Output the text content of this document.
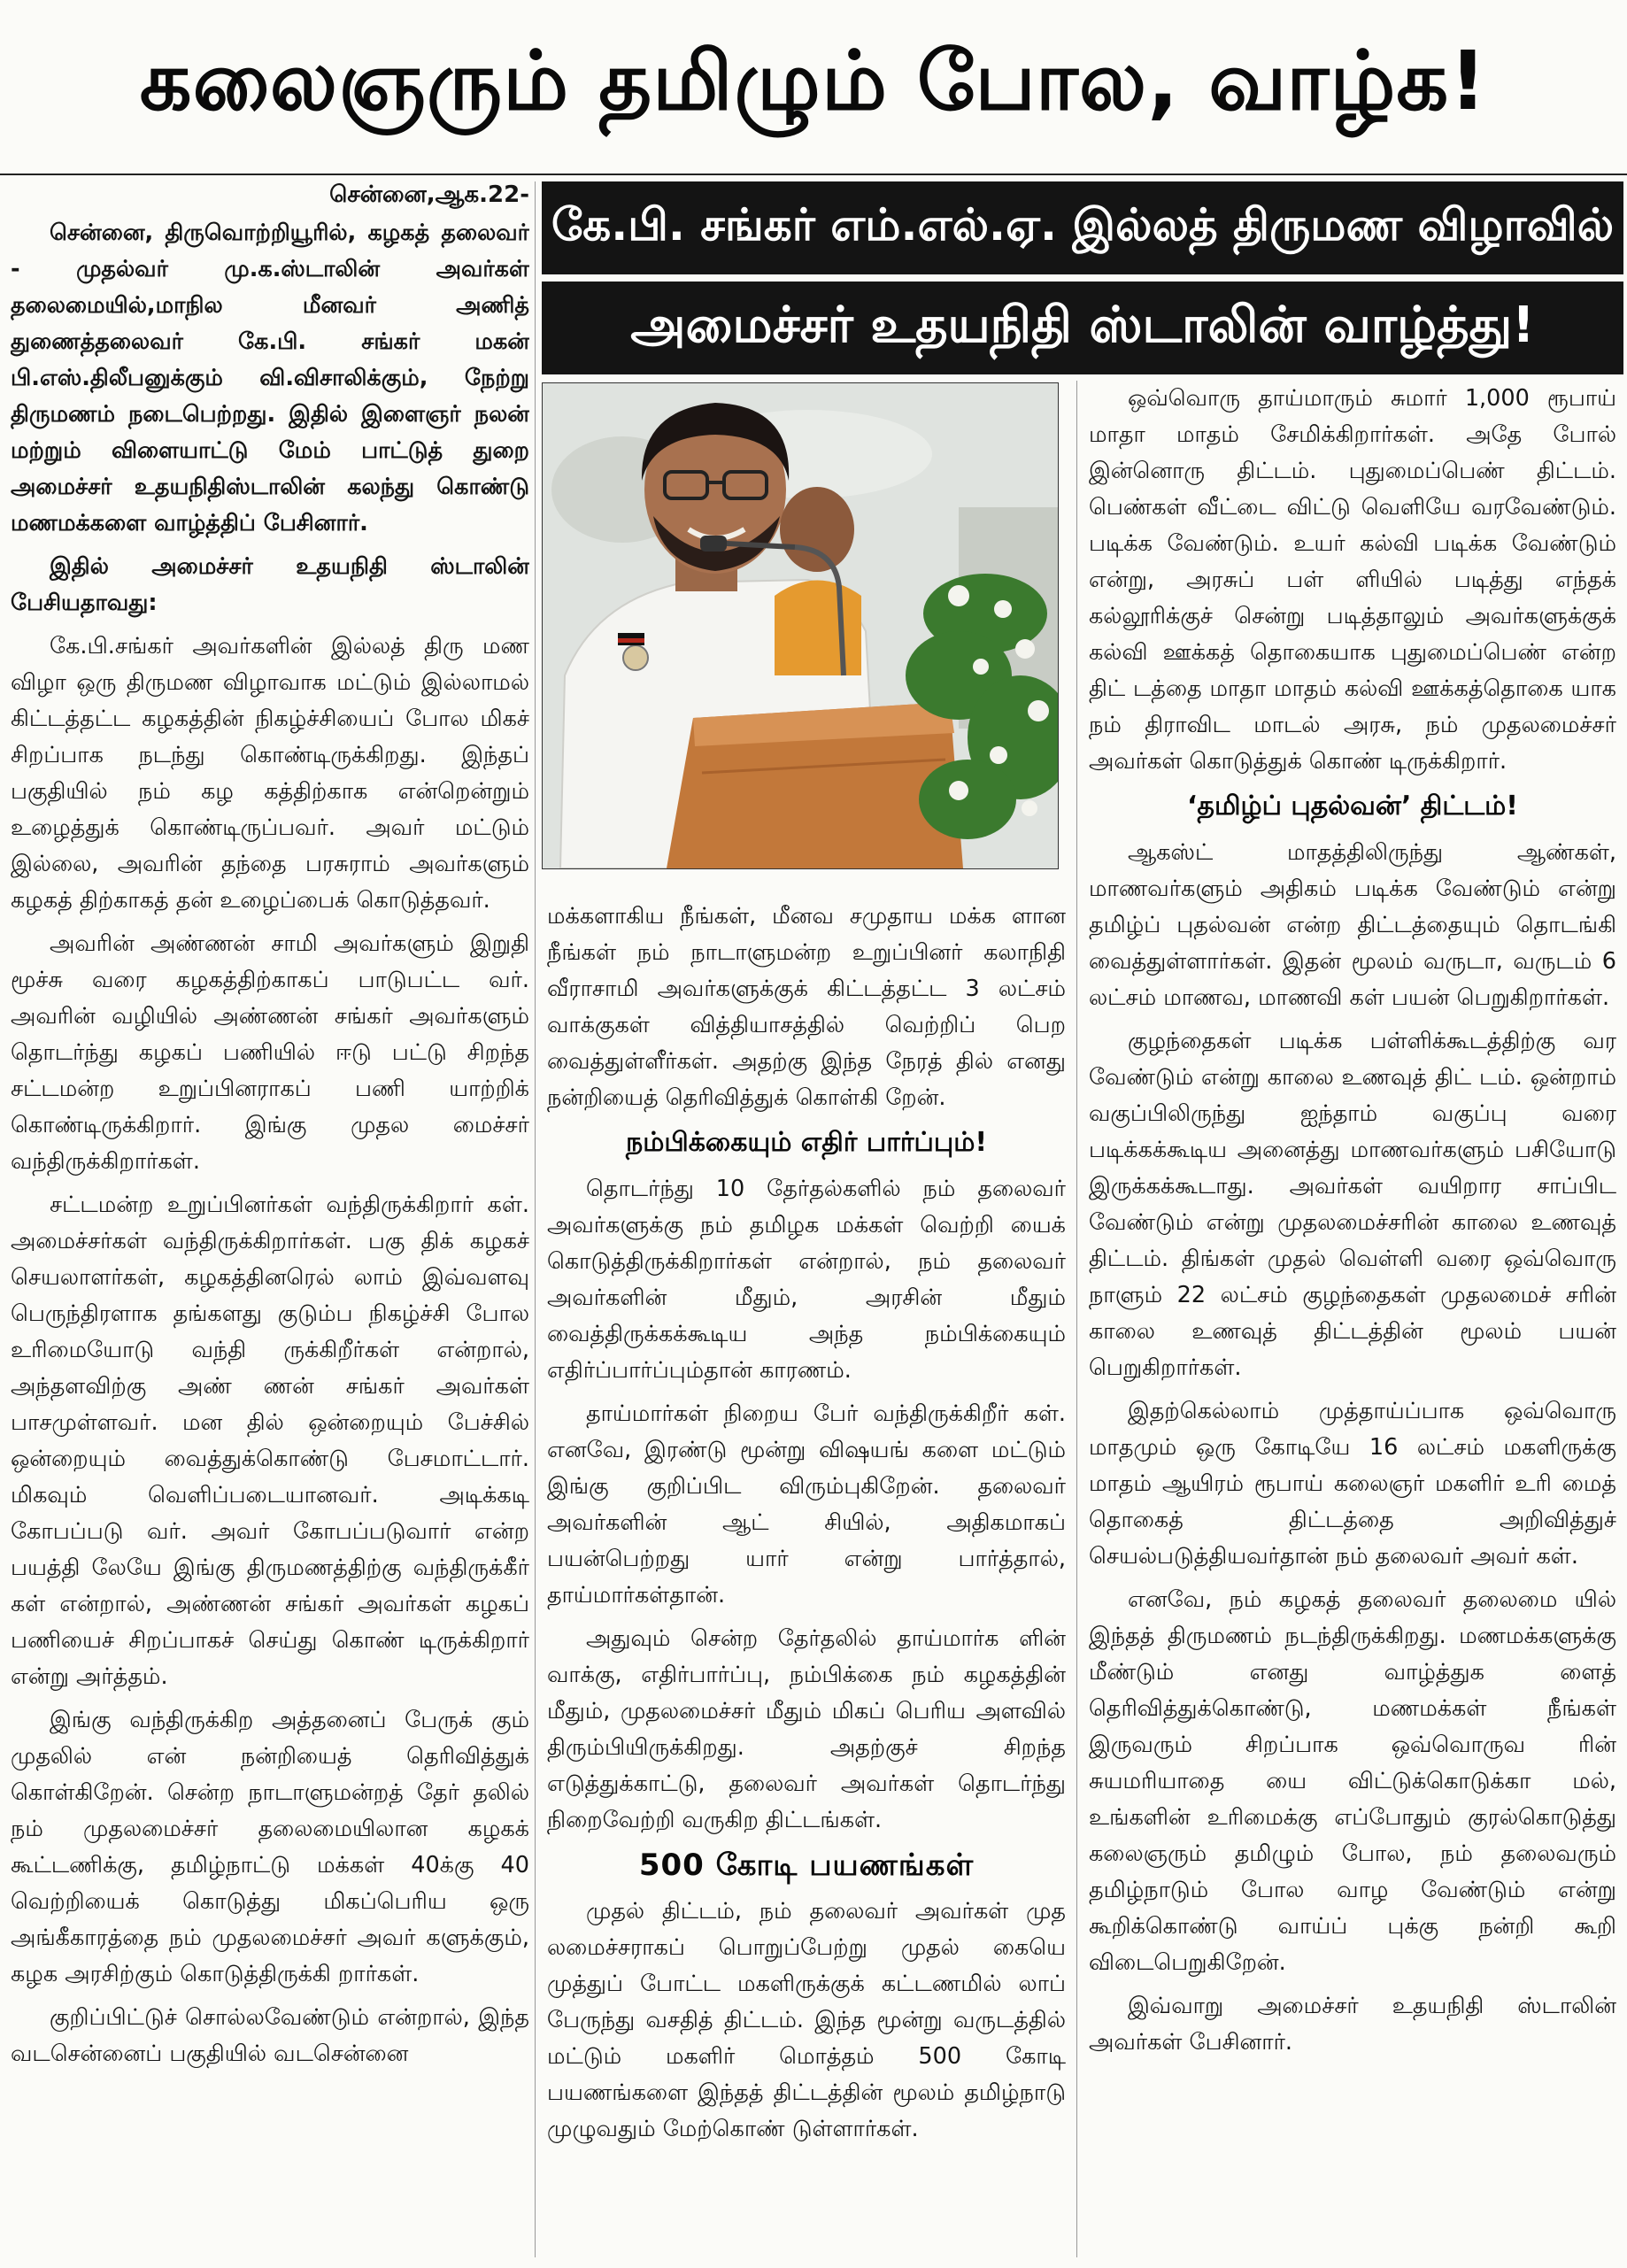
கலைஞரும் தமிழும் போல, வாழ்க!
கே.பி. சங்கர் எம்.எல்.ஏ. இல்லத் திருமண விழாவில்
அமைச்சர் உதயநிதி ஸ்டாலின் வாழ்த்து!
சென்னை,ஆக.22-

சென்னை, திருவொற்றியூரில், கழகத் தலைவர் - முதல்வர் மு.க.ஸ்டாலின் அவர்கள் தலைமையில்,மாநில மீனவர் அணித் துணைத்தலைவர் கே.பி. சங்கர் மகன் பி.எஸ்.திலீபனுக்கும் வி.விசாலிக்கும், நேற்று திருமணம் நடைபெற்றது. இதில் இளைஞர் நலன் மற்றும் விளையாட்டு மேம் பாட்டுத் துறை அமைச்சர் உதயநிதிஸ்டாலின் கலந்து கொண்டு மணமக்களை வாழ்த்திப் பேசினார்.

இதில் அமைச்சர் உதயநிதி ஸ்டாலின் பேசியதாவது:

கே.பி.சங்கர் அவர்களின் இல்லத் திரு மண விழா ஒரு திருமண விழாவாக மட்டும் இல்லாமல் கிட்டத்தட்ட கழகத்தின் நிகழ்ச்சியைப் போல மிகச் சிறப்பாக நடந்து கொண்டிருக்கிறது. இந்தப் பகுதியில் நம் கழ கத்திற்காக என்றென்றும் உழைத்துக் கொண்டிருப்பவர். அவர் மட்டும் இல்லை, அவரின் தந்தை பரசுராம் அவர்களும் கழகத் திற்காகத் தன் உழைப்பைக் கொடுத்தவர்.

அவரின் அண்ணன் சாமி அவர்களும் இறுதி மூச்சு வரை கழகத்திற்காகப் பாடுபட்ட வர். அவரின் வழியில் அண்ணன் சங்கர் அவர்களும் தொடர்ந்து கழகப் பணியில் ஈடு பட்டு சிறந்த சட்டமன்ற உறுப்பினராகப் பணி யாற்றிக் கொண்டிருக்கிறார். இங்கு முதல மைச்சர் வந்திருக்கிறார்கள்.

சட்டமன்ற உறுப்பினர்கள் வந்திருக்கிறார் கள். அமைச்சர்கள் வந்திருக்கிறார்கள். பகு திக் கழகச் செயலாளர்கள், கழகத்தினரெல் லாம் இவ்வளவு பெருந்திரளாக தங்களது குடும்ப நிகழ்ச்சி போல உரிமையோடு வந்தி ருக்கிறீர்கள் என்றால், அந்தளவிற்கு அண் ணன் சங்கர் அவர்கள் பாசமுள்ளவர். மன தில் ஒன்றையும் பேச்சில் ஒன்றையும் வைத்துக்கொண்டு பேசமாட்டார். மிகவும் வெளிப்படையானவர். அடிக்கடி கோபப்படு வர். அவர் கோபப்படுவார் என்ற பயத்தி லேயே இங்கு திருமணத்திற்கு வந்திருக்கீர் கள் என்றால், அண்ணன் சங்கர் அவர்கள் கழகப் பணியைச் சிறப்பாகச் செய்து கொண் டிருக்கிறார் என்று அர்த்தம்.

இங்கு வந்திருக்கிற அத்தனைப் பேருக் கும் முதலில் என் நன்றியைத் தெரிவித்துக் கொள்கிறேன். சென்ற நாடாளுமன்றத் தேர் தலில் நம் முதலமைச்சர் தலைமையிலான கழகக் கூட்டணிக்கு, தமிழ்நாட்டு மக்கள் 40க்கு 40 வெற்றியைக் கொடுத்து மிகப்பெரிய ஒரு அங்கீகாரத்தை நம் முதலமைச்சர் அவர் களுக்கும், கழக அரசிற்கும் கொடுத்திருக்கி றார்கள்.

குறிப்பிட்டுச் சொல்லவேண்டும் என்றால், இந்த வடசென்னைப் பகுதியில் வடசென்னை

மக்களாகிய நீங்கள், மீனவ சமுதாய மக்க ளான நீங்கள் நம் நாடாளுமன்ற உறுப்பினர் கலாநிதி வீராசாமி அவர்களுக்குக் கிட்டத்தட்ட 3 லட்சம் வாக்குகள் வித்தியாசத்தில் வெற்றிப் பெற வைத்துள்ளீர்கள். அதற்கு இந்த நேரத் தில் எனது நன்றியைத் தெரிவித்துக் கொள்கி றேன்.

நம்பிக்கையும் எதிர் பார்ப்பும்!

தொடர்ந்து 10 தேர்தல்களில் நம் தலைவர் அவர்களுக்கு நம் தமிழக மக்கள் வெற்றி யைக் கொடுத்திருக்கிறார்கள் என்றால், நம் தலைவர் அவர்களின் மீதும், அரசின் மீதும் வைத்திருக்கக்கூடிய அந்த நம்பிக்கையும் எதிர்ப்பார்ப்பும்தான் காரணம்.

தாய்மார்கள் நிறைய பேர் வந்திருக்கிறீர் கள். எனவே, இரண்டு மூன்று விஷயங் களை மட்டும் இங்கு குறிப்பிட விரும்புகிறேன். தலைவர் அவர்களின் ஆட் சியில், அதிகமாகப் பயன்பெற்றது யார் என்று பார்த்தால், தாய்மார்கள்தான்.

அதுவும் சென்ற தேர்தலில் தாய்மார்க ளின் வாக்கு, எதிர்பார்ப்பு, நம்பிக்கை நம் கழகத்தின் மீதும், முதலமைச்சர் மீதும் மிகப் பெரிய அளவில் திரும்பியிருக்கிறது. அதற்குச் சிறந்த எடுத்துக்காட்டு, தலைவர் அவர்கள் தொடர்ந்து நிறைவேற்றி வருகிற திட்டங்கள்.

500 கோடி பயணங்கள்

முதல் திட்டம், நம் தலைவர் அவர்கள் முத லமைச்சராகப் பொறுப்பேற்று முதல் கையெ முத்துப் போட்ட மகளிருக்குக் கட்டணமில் லாப் பேருந்து வசதித் திட்டம். இந்த மூன்று வருடத்தில் மட்டும் மகளிர் மொத்தம் 500 கோடி பயணங்களை இந்தத் திட்டத்தின் மூலம் தமிழ்நாடு முழுவதும் மேற்கொண் டுள்ளார்கள்.

ஒவ்வொரு தாய்மாரும் சுமார் 1,000 ரூபாய் மாதா மாதம் சேமிக்கிறார்கள். அதே போல் இன்னொரு திட்டம். புதுமைப்பெண் திட்டம். பெண்கள் வீட்டை விட்டு வெளியே வரவேண்டும். படிக்க வேண்டும். உயர் கல்வி படிக்க வேண்டும் என்று, அரசுப் பள் ளியில் படித்து எந்தக் கல்லூரிக்குச் சென்று படித்தாலும் அவர்களுக்குக் கல்வி ஊக்கத் தொகையாக புதுமைப்பெண் என்ற திட் டத்தை மாதா மாதம் கல்வி ஊக்கத்தொகை யாக நம் திராவிட மாடல் அரசு, நம் முதலமைச்சர் அவர்கள் கொடுத்துக் கொண் டிருக்கிறார்.

‘தமிழ்ப் புதல்வன்’ திட்டம்!

ஆகஸ்ட் மாதத்திலிருந்து ஆண்கள், மாணவர்களும் அதிகம் படிக்க வேண்டும் என்று தமிழ்ப் புதல்வன் என்ற திட்டத்தையும் தொடங்கி வைத்துள்ளார்கள். இதன் மூலம் வருடா, வருடம் 6 லட்சம் மாணவ, மாணவி கள் பயன் பெறுகிறார்கள்.

குழந்தைகள் படிக்க பள்ளிக்கூடத்திற்கு வர வேண்டும் என்று காலை உணவுத் திட் டம். ஒன்றாம் வகுப்பிலிருந்து ஐந்தாம் வகுப்பு வரை படிக்கக்கூடிய அனைத்து மாணவர்களும் பசியோடு இருக்கக்கூடாது. அவர்கள் வயிறார சாப்பிட வேண்டும் என்று முதலமைச்சரின் காலை உணவுத் திட்டம். திங்கள் முதல் வெள்ளி வரை ஒவ்வொரு நாளும் 22 லட்சம் குழந்தைகள் முதலமைச் சரின் காலை உணவுத் திட்டத்தின் மூலம் பயன் பெறுகிறார்கள்.

இதற்கெல்லாம் முத்தாய்ப்பாக ஒவ்வொரு மாதமும் ஒரு கோடியே 16 லட்சம் மகளிருக்கு மாதம் ஆயிரம் ரூபாய் கலைஞர் மகளிர் உரி மைத் தொகைத் திட்டத்தை அறிவித்துச் செயல்படுத்தியவர்தான் நம் தலைவர் அவர் கள்.

எனவே, நம் கழகத் தலைவர் தலைமை யில் இந்தத் திருமணம் நடந்திருக்கிறது. மணமக்களுக்கு மீண்டும் எனது வாழ்த்துக ளைத் தெரிவித்துக்கொண்டு, மணமக்கள் நீங்கள் இருவரும் சிறப்பாக ஒவ்வொருவ ரின் சுயமரியாதை யை விட்டுக்கொடுக்கா மல், உங்களின் உரிமைக்கு எப்போதும் குரல்கொடுத்து கலைஞரும் தமிழும் போல, நம் தலைவரும் தமிழ்நாடும் போல வாழ வேண்டும் என்று கூறிக்கொண்டு வாய்ப் புக்கு நன்றி கூறி விடைபெறுகிறேன்.

இவ்வாறு அமைச்சர் உதயநிதி ஸ்டாலின் அவர்கள் பேசினார்.
